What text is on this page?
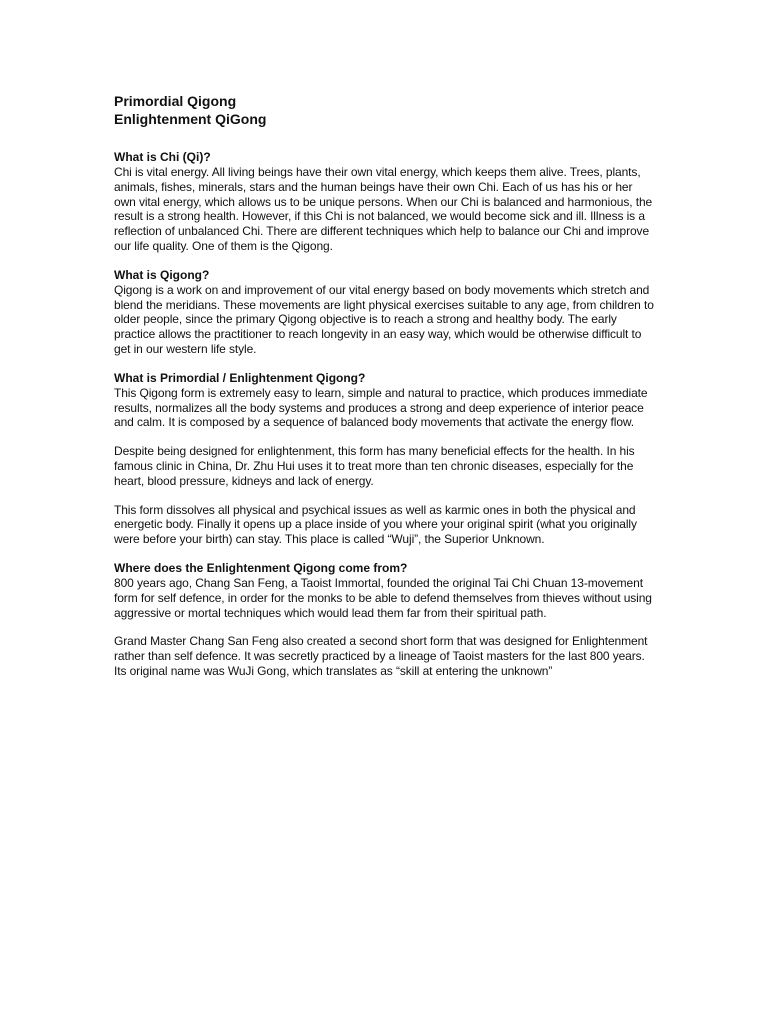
Primordial Qigong
Enlightenment QiGong
What is Chi (Qi)?

Chi is vital energy. All living beings have their own vital energy, which keeps them alive. Trees, plants, animals, fishes, minerals, stars and the human beings have their own Chi. Each of us has his or her own vital energy, which allows us to be unique persons. When our Chi is balanced and harmonious, the result is a strong health. However, if this Chi is not balanced, we would become sick and ill. Illness is a reflection of unbalanced Chi. There are different techniques which help to balance our Chi and improve our life quality. One of them is the Qigong.

What is Qigong?

Qigong is a work on and improvement of our vital energy based on body movements which stretch and blend the meridians. These movements are light physical exercises suitable to any age, from children to older people, since the primary Qigong objective is to reach a strong and healthy body. The early practice allows the practitioner to reach longevity in an easy way, which would be otherwise difficult to get in our western life style.

What is Primordial / Enlightenment Qigong?

This Qigong form is extremely easy to learn, simple and natural to practice, which produces immediate results, normalizes all the body systems and produces a strong and deep experience of interior peace and calm. It is composed by a sequence of balanced body movements that activate the energy flow.

Despite being designed for enlightenment, this form has many beneficial effects for the health. In his famous clinic in China, Dr. Zhu Hui uses it to treat more than ten chronic diseases, especially for the heart, blood pressure, kidneys and lack of energy.

This form dissolves all physical and psychical issues as well as karmic ones in both the physical and energetic body. Finally it opens up a place inside of you where your original spirit (what you originally were before your birth) can stay. This place is called “Wuji”, the Superior Unknown.

Where does the Enlightenment Qigong come from?

800 years ago, Chang San Feng, a Taoist Immortal, founded the original Tai Chi Chuan 13-movement form for self defence, in order for the monks to be able to defend themselves from thieves without using aggressive or mortal techniques which would lead them far from their spiritual path.

Grand Master Chang San Feng also created a second short form that was designed for Enlightenment rather than self defence. It was secretly practiced by a lineage of Taoist masters for the last 800 years. Its original name was WuJi Gong, which translates as “skill at entering the unknown”
